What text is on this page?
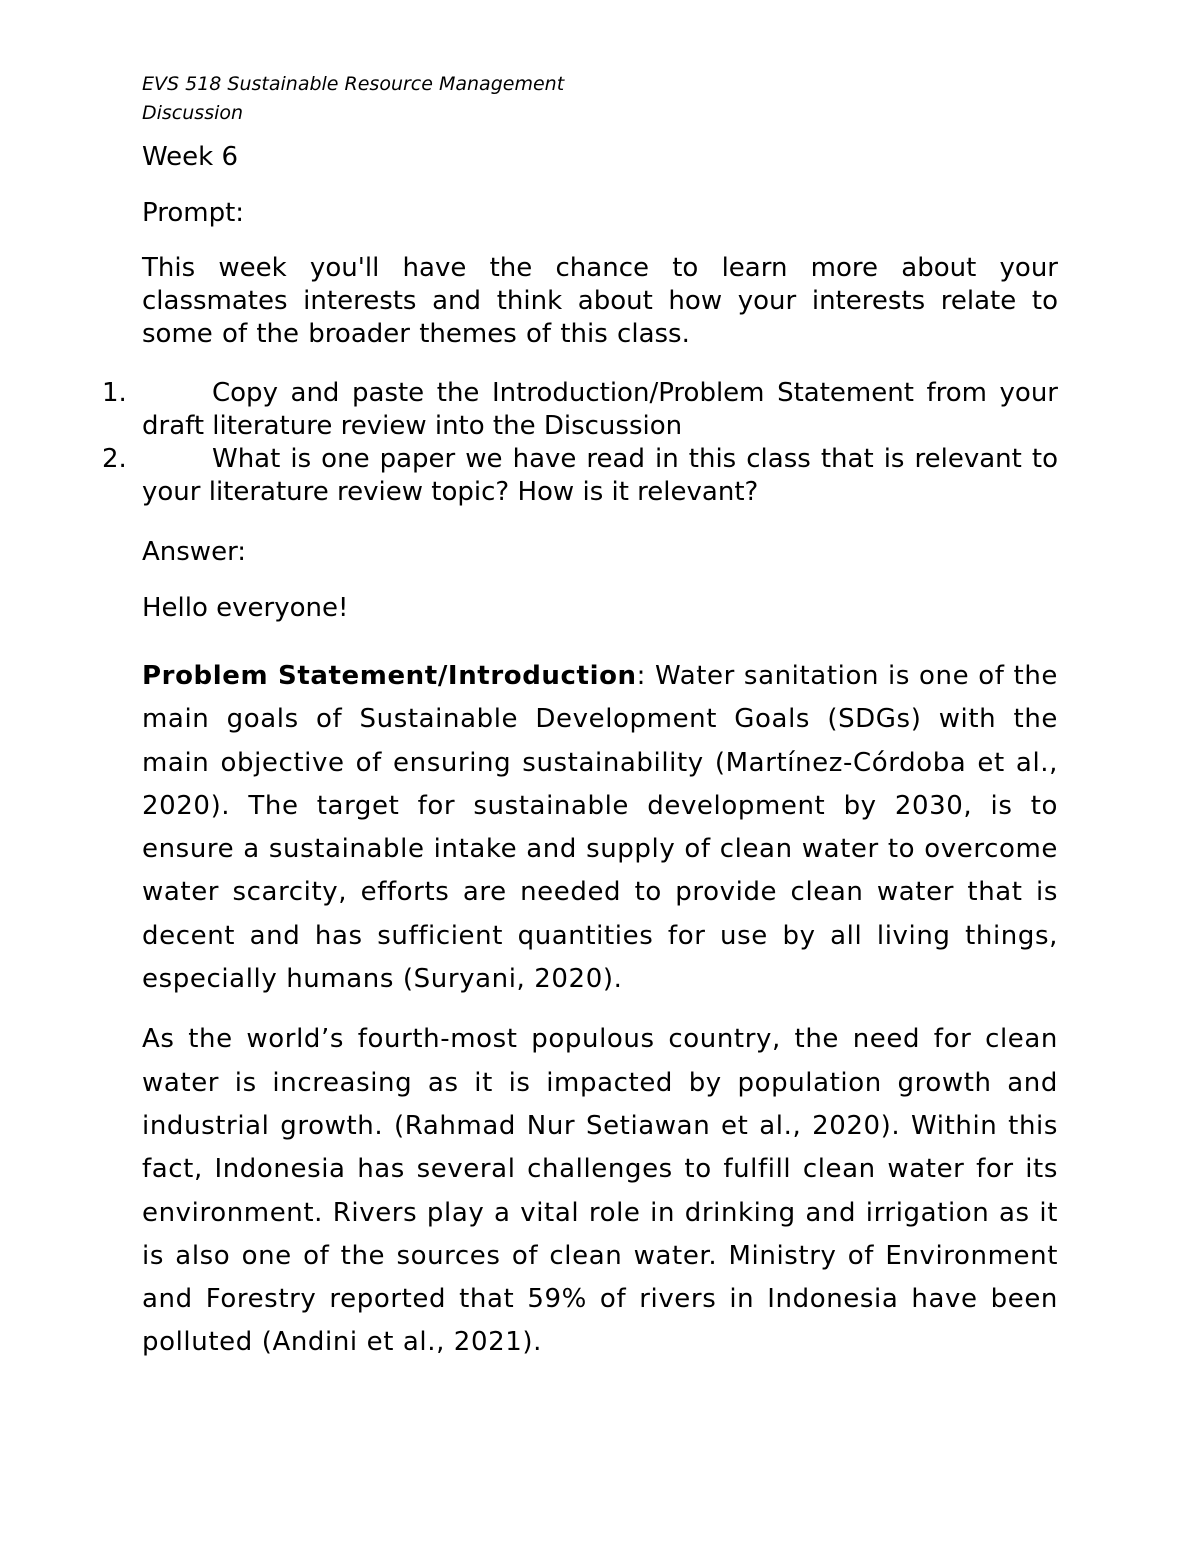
EVS 518 Sustainable Resource Management
Discussion

Week 6

Prompt:

This week you'll have the chance to learn more about your classmates interests and think about how your interests relate to some of the broader themes of this class.

1.	Copy and paste the Introduction/Problem Statement from your draft literature review into the Discussion
2.	What is one paper we have read in this class that is relevant to your literature review topic? How is it relevant?

Answer:

Hello everyone!

Problem Statement/Introduction: Water sanitation is one of the main goals of Sustainable Development Goals (SDGs) with the main objective of ensuring sustainability (Martínez-Córdoba et al., 2020). The target for sustainable development by 2030, is to ensure a sustainable intake and supply of clean water to overcome water scarcity, efforts are needed to provide clean water that is decent and has sufficient quantities for use by all living things, especially humans (Suryani, 2020).

As the world’s fourth-most populous country, the need for clean water is increasing as it is impacted by population growth and industrial growth. (Rahmad Nur Setiawan et al., 2020). Within this fact, Indonesia has several challenges to fulfill clean water for its environment. Rivers play a vital role in drinking and irrigation as it is also one of the sources of clean water. Ministry of Environment and Forestry reported that 59% of rivers in Indonesia have been polluted (Andini et al., 2021).
